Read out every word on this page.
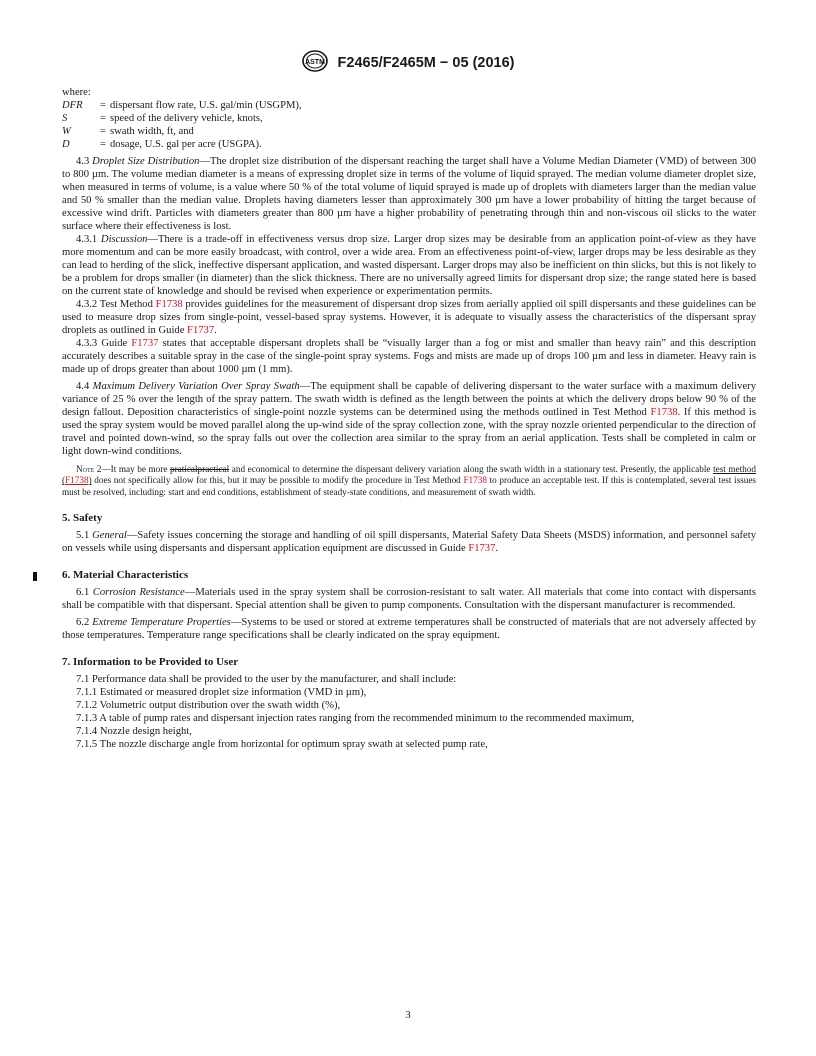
ASTM F2465/F2465M − 05 (2016)

where:

DFR = dispersant flow rate, U.S. gal/min (USGPM),
S	= speed of the delivery vehicle, knots,
W	= swath width, ft, and
D	= dosage, U.S. gal per acre (USGPA).

4.3 Droplet Size Distribution—The droplet size distribution of the dispersant reaching the target shall have a Volume Median Diameter (VMD) of between 300 to 800 µm. The volume median diameter is a means of expressing droplet size in terms of the volume of liquid sprayed. The median volume diameter droplet size, when measured in terms of volume, is a value where 50 % of the total volume of liquid sprayed is made up of droplets with diameters larger than the median value and 50 % smaller than the median value. Droplets having diameters lesser than approximately 300 µm have a lower probability of hitting the target because of excessive wind drift. Particles with diameters greater than 800 µm have a higher probability of penetrating through thin and non-viscous oil slicks to the water surface where their effectiveness is lost.

4.3.1 Discussion—There is a trade-off in effectiveness versus drop size. Larger drop sizes may be desirable from an application point-of-view as they have more momentum and can be more easily broadcast, with control, over a wide area. From an effectiveness point-of-view, larger drops may be less desirable as they can lead to herding of the slick, ineffective dispersant application, and wasted dispersant. Larger drops may also be inefficient on thin slicks, but this is not likely to be a problem for drops smaller (in diameter) than the slick thickness. There are no universally agreed limits for dispersant drop size; the range stated here is based on the current state of knowledge and should be revised when experience or experimentation permits.

4.3.2 Test Method F1738 provides guidelines for the measurement of dispersant drop sizes from aerially applied oil spill dispersants and these guidelines can be used to measure drop sizes from single-point, vessel-based spray systems. However, it is adequate to visually assess the characteristics of the dispersant spray droplets as outlined in Guide F1737.

4.3.3 Guide F1737 states that acceptable dispersant droplets shall be “visually larger than a fog or mist and smaller than heavy rain” and this description accurately describes a suitable spray in the case of the single-point spray systems. Fogs and mists are made up of drops 100 µm and less in diameter. Heavy rain is made up of drops greater than about 1000 µm (1 mm).

4.4 Maximum Delivery Variation Over Spray Swath—The equipment shall be capable of delivering dispersant to the water surface with a maximum delivery variance of 25 % over the length of the spray pattern. The swath width is defined as the length between the points at which the delivery drops below 90 % of the design fallout. Deposition characteristics of single-point nozzle systems can be determined using the methods outlined in Test Method F1738. If this method is used the spray system would be moved parallel along the up-wind side of the spray collection zone, with the spray nozzle oriented perpendicular to the direction of travel and pointed down-wind, so the spray falls out over the collection area similar to the spray from an aerial application. Tests shall be completed in calm or light down-wind conditions.

Note 2—It may be more praticalpractical and economical to determine the dispersant delivery variation along the swath width in a stationary test. Presently, the applicable test method (F1738) does not specifically allow for this, but it may be possible to modify the procedure in Test Method F1738 to produce an acceptable test. If this is contemplated, several test issues must be resolved, including: start and end conditions, establishment of steady-state conditions, and measurement of swath width.

5. Safety

5.1 General—Safety issues concerning the storage and handling of oil spill dispersants, Material Safety Data Sheets (MSDS) information, and personnel safety on vessels while using dispersants and dispersant application equipment are discussed in Guide F1737.

6. Material Characteristics

6.1 Corrosion Resistance—Materials used in the spray system shall be corrosion-resistant to salt water. All materials that come into contact with dispersants shall be compatible with that dispersant. Special attention shall be given to pump components. Consultation with the dispersant manufacturer is recommended.

6.2 Extreme Temperature Properties—Systems to be used or stored at extreme temperatures shall be constructed of materials that are not adversely affected by those temperatures. Temperature range specifications shall be clearly indicated on the spray equipment.

7. Information to be Provided to User

7.1 Performance data shall be provided to the user by the manufacturer, and shall include:

7.1.1 Estimated or measured droplet size information (VMD in µm),

7.1.2 Volumetric output distribution over the swath width (%),

7.1.3 A table of pump rates and dispersant injection rates ranging from the recommended minimum to the recommended maximum,

7.1.4 Nozzle design height,

7.1.5 The nozzle discharge angle from horizontal for optimum spray swath at selected pump rate,

3
